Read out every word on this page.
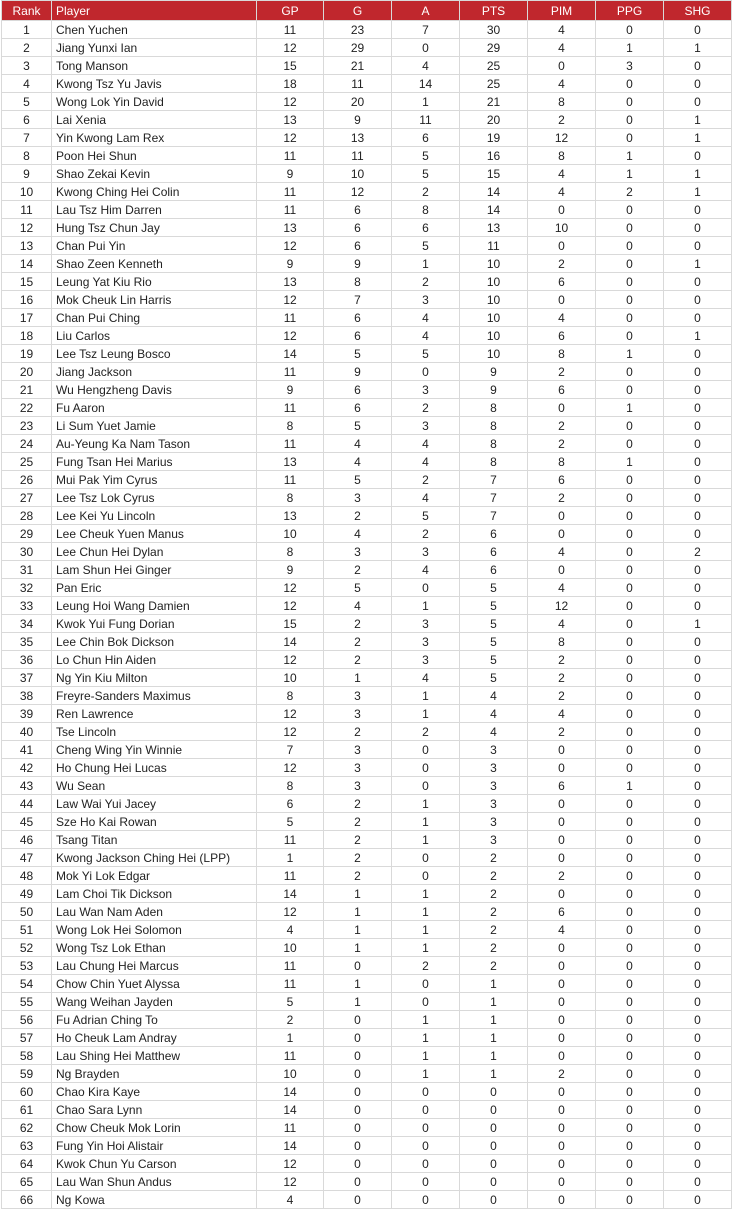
Rank	Player	GP	G	A	PTS	PIM	PPG	SHG
1	Chen Yuchen	11	23	7	30	4	0	0
2	Jiang Yunxi Ian	12	29	0	29	4	1	1
3	Tong Manson	15	21	4	25	0	3	0
4	Kwong Tsz Yu Javis	18	11	14	25	4	0	0
5	Wong Lok Yin David	12	20	1	21	8	0	0
6	Lai Xenia	13	9	11	20	2	0	1
7	Yin Kwong Lam Rex	12	13	6	19	12	0	1
8	Poon Hei Shun	11	11	5	16	8	1	0
9	Shao Zekai Kevin	9	10	5	15	4	1	1
10	Kwong Ching Hei Colin	11	12	2	14	4	2	1
11	Lau Tsz Him Darren	11	6	8	14	0	0	0
12	Hung Tsz Chun Jay	13	6	6	13	10	0	0
13	Chan Pui Yin	12	6	5	11	0	0	0
14	Shao Zeen Kenneth	9	9	1	10	2	0	1
15	Leung Yat Kiu Rio	13	8	2	10	6	0	0
16	Mok Cheuk Lin Harris	12	7	3	10	0	0	0
17	Chan Pui Ching	11	6	4	10	4	0	0
18	Liu Carlos	12	6	4	10	6	0	1
19	Lee Tsz Leung Bosco	14	5	5	10	8	1	0
20	Jiang Jackson	11	9	0	9	2	0	0
21	Wu Hengzheng Davis	9	6	3	9	6	0	0
22	Fu Aaron	11	6	2	8	0	1	0
23	Li Sum Yuet Jamie	8	5	3	8	2	0	0
24	Au-Yeung Ka Nam Tason	11	4	4	8	2	0	0
25	Fung Tsan Hei Marius	13	4	4	8	8	1	0
26	Mui Pak Yim Cyrus	11	5	2	7	6	0	0
27	Lee Tsz Lok Cyrus	8	3	4	7	2	0	0
28	Lee Kei Yu Lincoln	13	2	5	7	0	0	0
29	Lee Cheuk Yuen Manus	10	4	2	6	0	0	0
30	Lee Chun Hei Dylan	8	3	3	6	4	0	2
31	Lam Shun Hei Ginger	9	2	4	6	0	0	0
32	Pan Eric	12	5	0	5	4	0	0
33	Leung Hoi Wang Damien	12	4	1	5	12	0	0
34	Kwok Yui Fung Dorian	15	2	3	5	4	0	1
35	Lee Chin Bok Dickson	14	2	3	5	8	0	0
36	Lo Chun Hin Aiden	12	2	3	5	2	0	0
37	Ng Yin Kiu Milton	10	1	4	5	2	0	0
38	Freyre-Sanders Maximus	8	3	1	4	2	0	0
39	Ren Lawrence	12	3	1	4	4	0	0
40	Tse Lincoln	12	2	2	4	2	0	0
41	Cheng Wing Yin Winnie	7	3	0	3	0	0	0
42	Ho Chung Hei Lucas	12	3	0	3	0	0	0
43	Wu Sean	8	3	0	3	6	1	0
44	Law Wai Yui Jacey	6	2	1	3	0	0	0
45	Sze Ho Kai Rowan	5	2	1	3	0	0	0
46	Tsang Titan	11	2	1	3	0	0	0
47	Kwong Jackson Ching Hei (LPP)	1	2	0	2	0	0	0
48	Mok Yi Lok Edgar	11	2	0	2	2	0	0
49	Lam Choi Tik Dickson	14	1	1	2	0	0	0
50	Lau Wan Nam Aden	12	1	1	2	6	0	0
51	Wong Lok Hei Solomon	4	1	1	2	4	0	0
52	Wong Tsz Lok Ethan	10	1	1	2	0	0	0
53	Lau Chung Hei Marcus	11	0	2	2	0	0	0
54	Chow Chin Yuet Alyssa	11	1	0	1	0	0	0
55	Wang Weihan Jayden	5	1	0	1	0	0	0
56	Fu Adrian Ching To	2	0	1	1	0	0	0
57	Ho Cheuk Lam Andray	1	0	1	1	0	0	0
58	Lau Shing Hei Matthew	11	0	1	1	0	0	0
59	Ng Brayden	10	0	1	1	2	0	0
60	Chao Kira Kaye	14	0	0	0	0	0	0
61	Chao Sara Lynn	14	0	0	0	0	0	0
62	Chow Cheuk Mok Lorin	11	0	0	0	0	0	0
63	Fung Yin Hoi Alistair	14	0	0	0	0	0	0
64	Kwok Chun Yu Carson	12	0	0	0	0	0	0
65	Lau Wan Shun Andus	12	0	0	0	0	0	0
66	Ng Kowa	4	0	0	0	0	0	0
